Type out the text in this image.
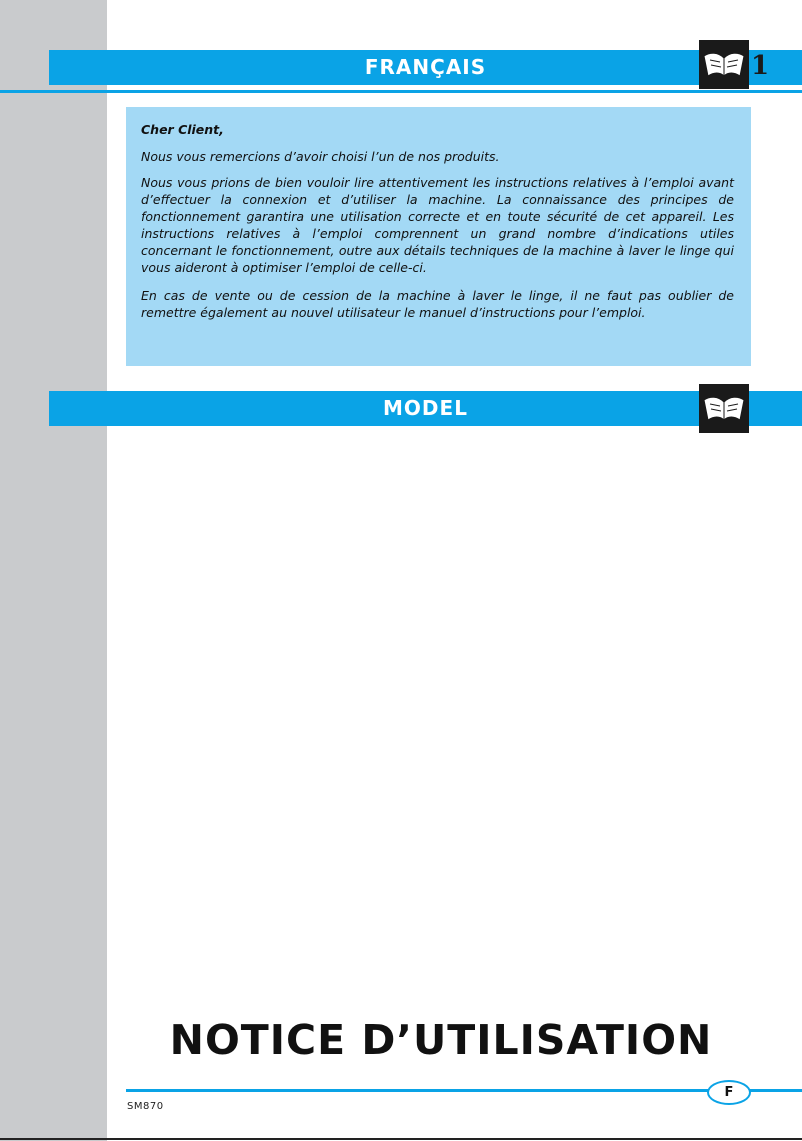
FRANÇAIS	1

Cher Client,

Nous vous remercions d’avoir choisi l’un de nos produits.

Nous vous prions de bien vouloir lire attentivement les instructions relatives à l’emploi avant d’effectuer la connexion et d’utiliser la machine. La connaissance des principes de fonctionnement garantira une utilisation correcte et en toute sécurité de cet appareil. Les instructions relatives à l’emploi comprennent un grand nombre d’indications utiles concernant le fonctionnement, outre aux détails techniques de la machine à laver le linge qui vous aideront à optimiser l’emploi de celle-ci.

En cas de vente ou de cession de la machine à laver le linge, il ne faut pas oublier de remettre également au nouvel utilisateur le manuel d’instructions pour l’emploi.

MODEL
NOTICE D’UTILISATION
F
SM870
